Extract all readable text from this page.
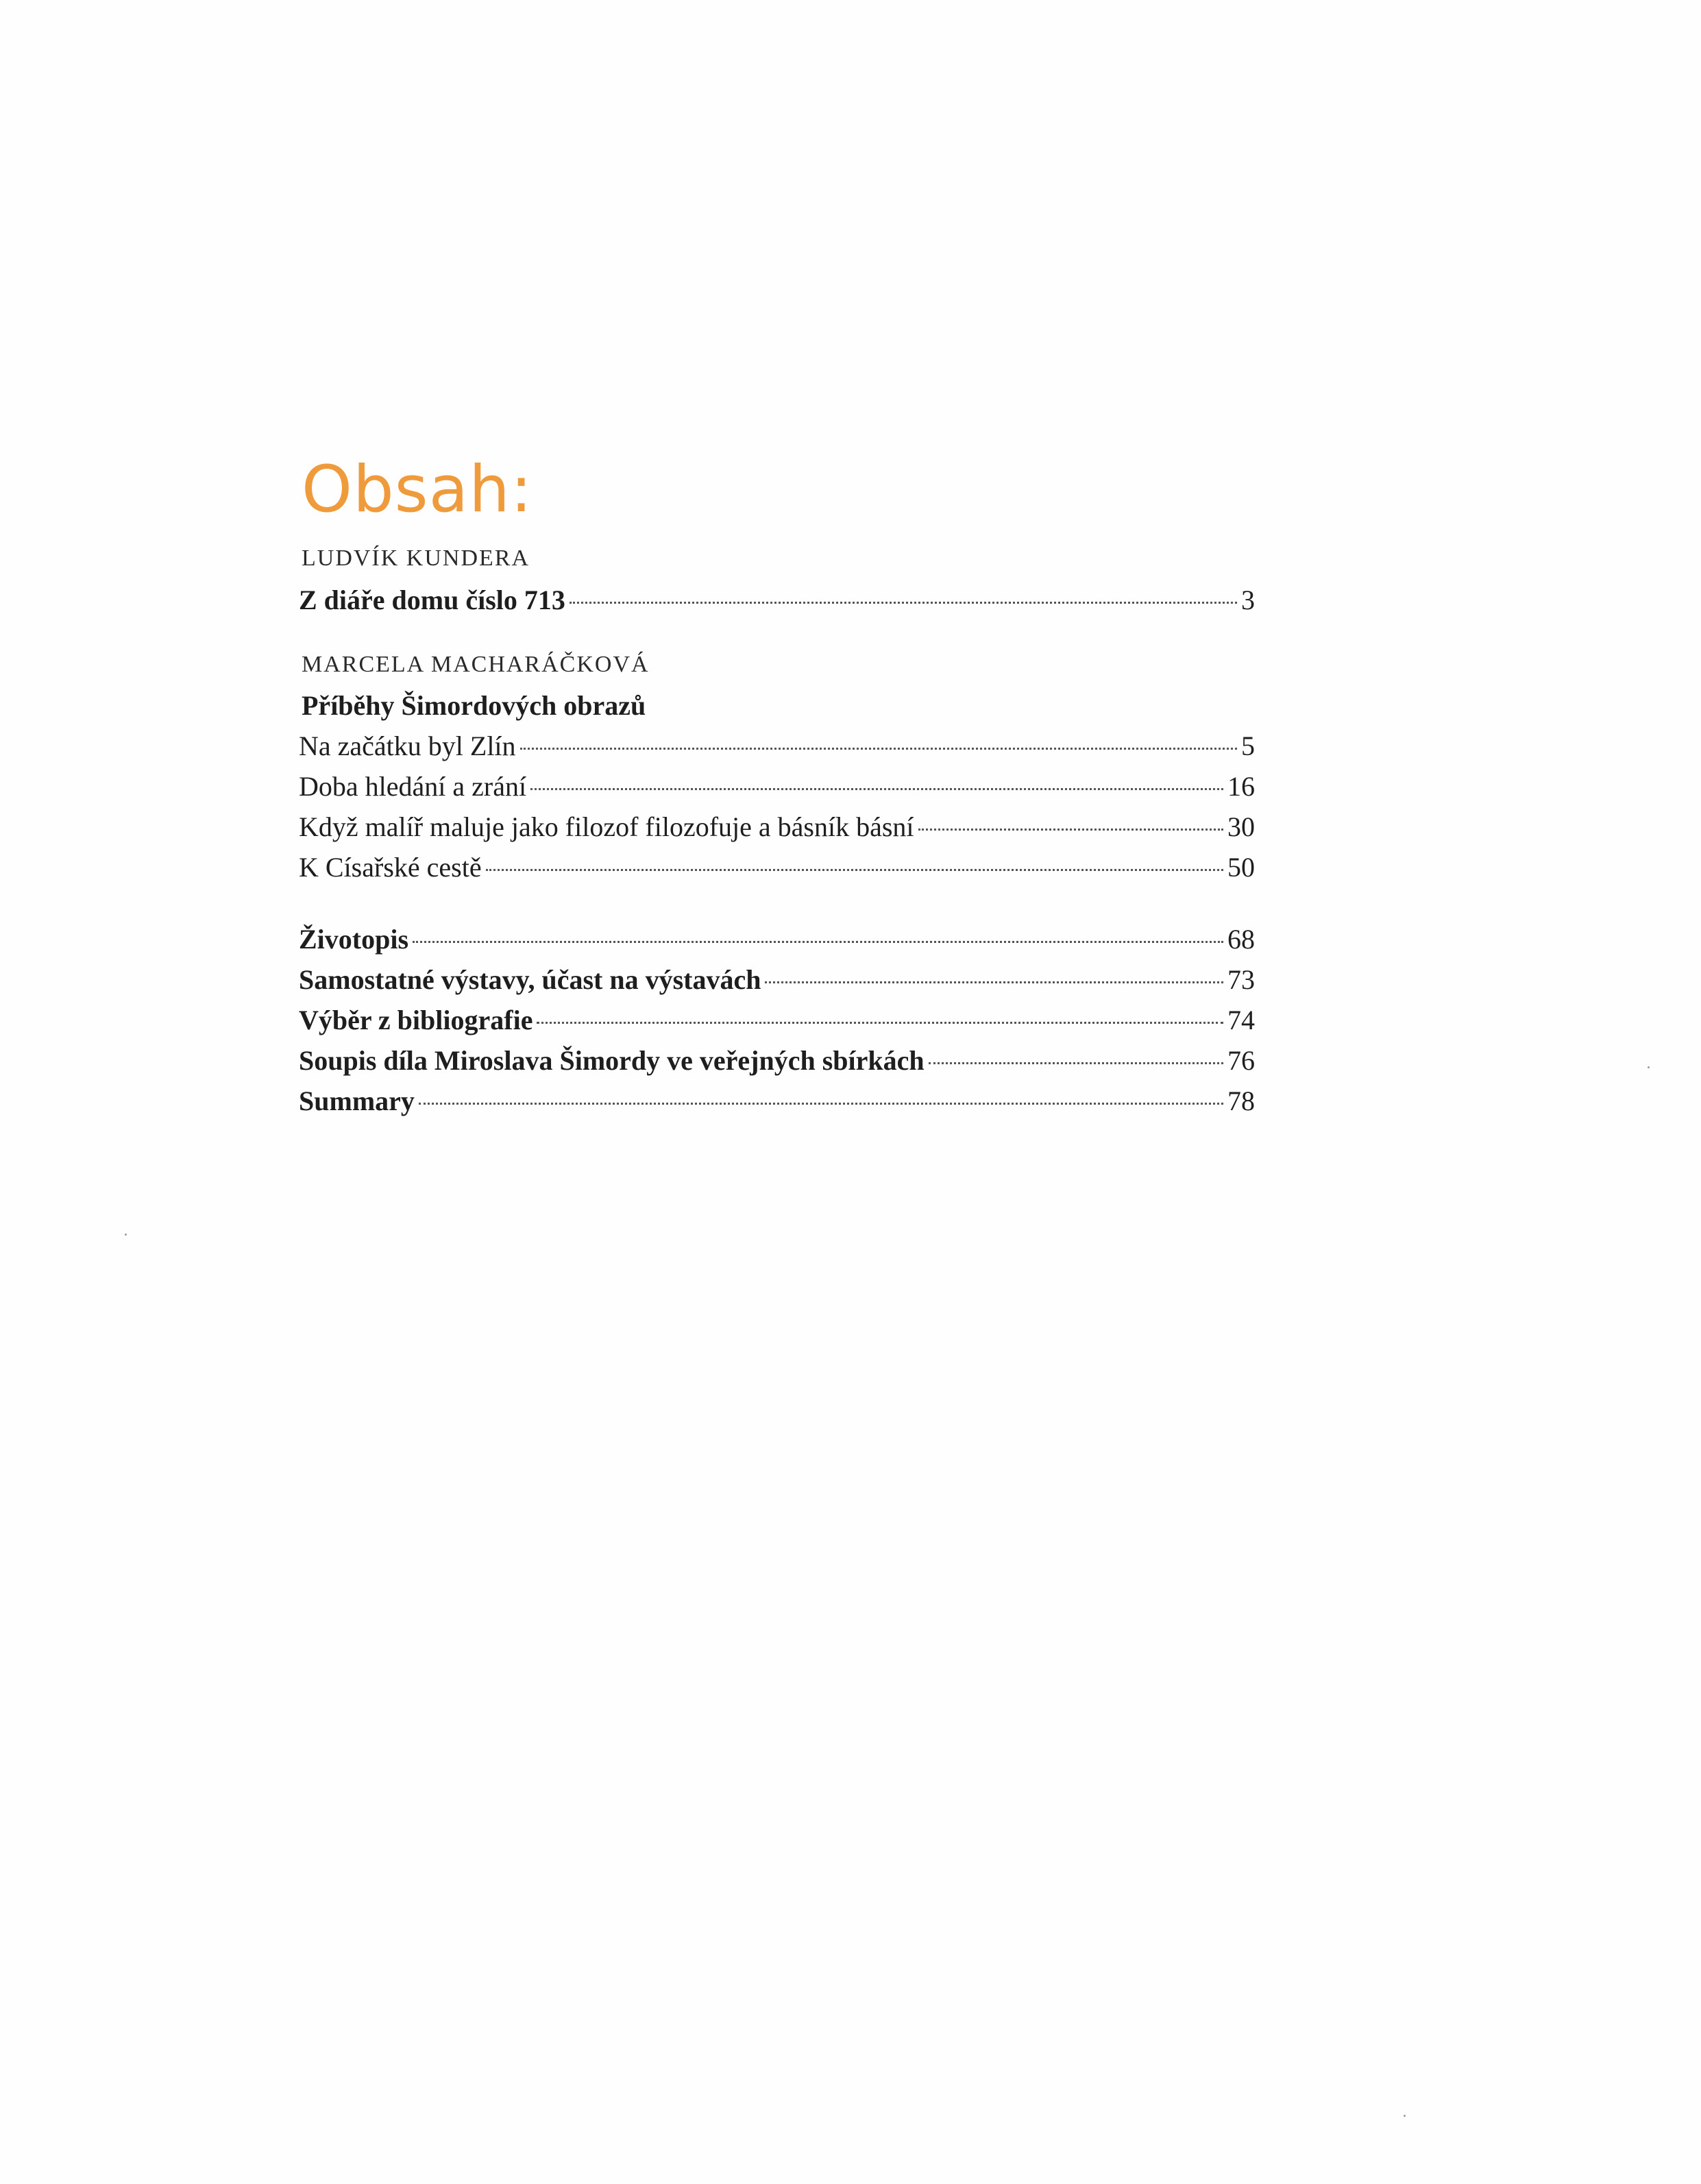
Obsah:
LUDVÍK KUNDERA
Z diáře domu číslo 713	3
MARCELA MACHARÁČKOVÁ
Příběhy Šimordových obrazů
Na začátku byl Zlín	5
Doba hledání a zrání	16
Když malíř maluje jako filozof filozofuje a básník básní	30
K Císařské cestě	50
Životopis	68
Samostatné výstavy, účast na výstavách	73
Výběr z bibliografie	74
Soupis díla Miroslava Šimordy ve veřejných sbírkách	76
Summary	78
